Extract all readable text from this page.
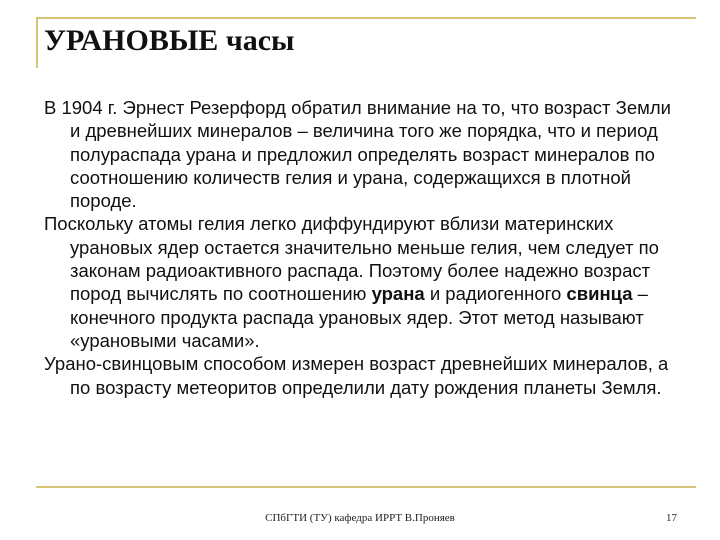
УРАНОВЫЕ часы

В 1904 г. Эрнест Резерфорд обратил внимание на то, что возраст Земли и древнейших минералов – величина того же порядка, что и период полураспада урана и предложил определять возраст минералов по соотношению количеств гелия и урана, содержащихся в плотной породе.

Поскольку атомы гелия легко диффундируют вблизи материнских урановых ядер остается значительно меньше гелия, чем следует по законам радиоактивного распада. Поэтому более надежно возраст пород вычислять по соотношению урана и радиогенного свинца – конечного продукта распада урановых ядер. Этот метод называют «урановыми часами».

Урано-свинцовым способом измерен возраст древнейших минералов, а по возрасту метеоритов определили дату рождения планеты Земля.

СПбГТИ (ТУ) кафедра ИРРТ В.Проняев	17
